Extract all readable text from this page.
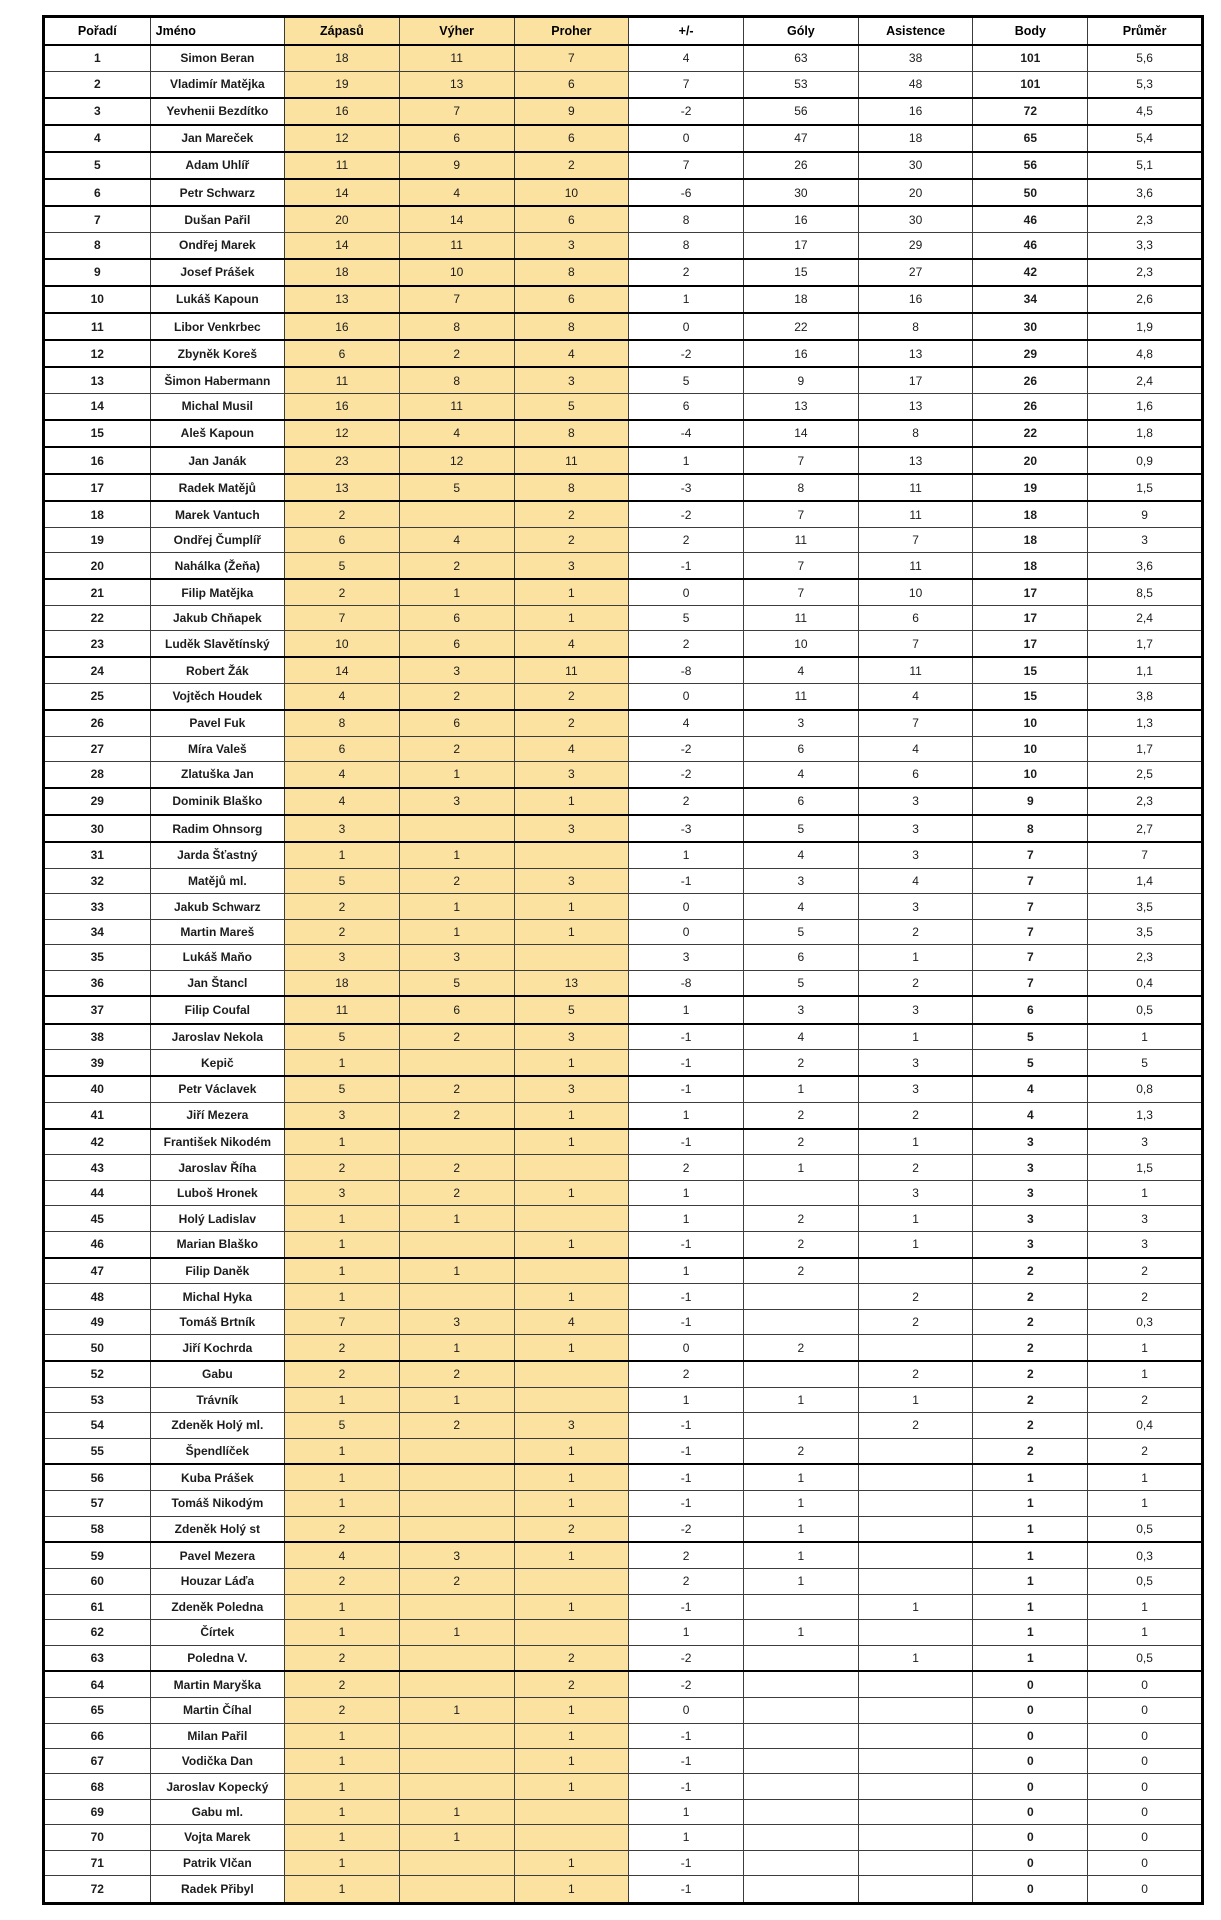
Pořadí	Jméno	Zápasů	Výher	Proher	+/-	Góly	Asistence	Body	Průměr
1	Simon Beran	18	11	7	4	63	38	101	5,6
2	Vladimír Matějka	19	13	6	7	53	48	101	5,3
3	Yevhenii Bezdítko	16	7	9	-2	56	16	72	4,5
4	Jan Mareček	12	6	6	0	47	18	65	5,4
5	Adam Uhlíř	11	9	2	7	26	30	56	5,1
6	Petr Schwarz	14	4	10	-6	30	20	50	3,6
7	Dušan Pařil	20	14	6	8	16	30	46	2,3
8	Ondřej Marek	14	11	3	8	17	29	46	3,3
9	Josef Prášek	18	10	8	2	15	27	42	2,3
10	Lukáš Kapoun	13	7	6	1	18	16	34	2,6
11	Libor Venkrbec	16	8	8	0	22	8	30	1,9
12	Zbyněk Koreš	6	2	4	-2	16	13	29	4,8
13	Šimon Habermann	11	8	3	5	9	17	26	2,4
14	Michal Musil	16	11	5	6	13	13	26	1,6
15	Aleš Kapoun	12	4	8	-4	14	8	22	1,8
16	Jan Janák	23	12	11	1	7	13	20	0,9
17	Radek Matějů	13	5	8	-3	8	11	19	1,5
18	Marek Vantuch	2		2	-2	7	11	18	9
19	Ondřej Čumplíř	6	4	2	2	11	7	18	3
20	Nahálka (Žeňa)	5	2	3	-1	7	11	18	3,6
21	Filip Matějka	2	1	1	0	7	10	17	8,5
22	Jakub Chňapek	7	6	1	5	11	6	17	2,4
23	Luděk Slavětínský	10	6	4	2	10	7	17	1,7
24	Robert Žák	14	3	11	-8	4	11	15	1,1
25	Vojtěch Houdek	4	2	2	0	11	4	15	3,8
26	Pavel Fuk	8	6	2	4	3	7	10	1,3
27	Míra Valeš	6	2	4	-2	6	4	10	1,7
28	Zlatuška Jan	4	1	3	-2	4	6	10	2,5
29	Dominik Blaško	4	3	1	2	6	3	9	2,3
30	Radim Ohnsorg	3		3	-3	5	3	8	2,7
31	Jarda Šťastný	1	1		1	4	3	7	7
32	Matějů ml.	5	2	3	-1	3	4	7	1,4
33	Jakub Schwarz	2	1	1	0	4	3	7	3,5
34	Martin Mareš	2	1	1	0	5	2	7	3,5
35	Lukáš Maňo	3	3		3	6	1	7	2,3
36	Jan Štancl	18	5	13	-8	5	2	7	0,4
37	Filip Coufal	11	6	5	1	3	3	6	0,5
38	Jaroslav Nekola	5	2	3	-1	4	1	5	1
39	Kepič	1		1	-1	2	3	5	5
40	Petr Václavek	5	2	3	-1	1	3	4	0,8
41	Jiří Mezera	3	2	1	1	2	2	4	1,3
42	František Nikodém	1		1	-1	2	1	3	3
43	Jaroslav Říha	2	2		2	1	2	3	1,5
44	Luboš Hronek	3	2	1	1		3	3	1
45	Holý Ladislav	1	1		1	2	1	3	3
46	Marian Blaško	1		1	-1	2	1	3	3
47	Filip Daněk	1	1		1	2		2	2
48	Michal Hyka	1		1	-1		2	2	2
49	Tomáš Brtník	7	3	4	-1		2	2	0,3
50	Jiří Kochrda	2	1	1	0	2		2	1
52	Gabu	2	2		2		2	2	1
53	Trávník	1	1		1	1	1	2	2
54	Zdeněk Holý ml.	5	2	3	-1		2	2	0,4
55	Špendlíček	1		1	-1	2		2	2
56	Kuba Prášek	1		1	-1	1		1	1
57	Tomáš Nikodým	1		1	-1	1		1	1
58	Zdeněk Holý st	2		2	-2	1		1	0,5
59	Pavel Mezera	4	3	1	2	1		1	0,3
60	Houzar Láďa	2	2		2	1		1	0,5
61	Zdeněk Poledna	1		1	-1		1	1	1
62	Čírtek	1	1		1	1		1	1
63	Poledna V.	2		2	-2		1	1	0,5
64	Martin Maryška	2		2	-2			0	0
65	Martin Číhal	2	1	1	0			0	0
66	Milan Pařil	1		1	-1			0	0
67	Vodička Dan	1		1	-1			0	0
68	Jaroslav Kopecký	1		1	-1			0	0
69	Gabu ml.	1	1		1			0	0
70	Vojta Marek	1	1		1			0	0
71	Patrik Vlčan	1		1	-1			0	0
72	Radek Přibyl	1		1	-1			0	0
